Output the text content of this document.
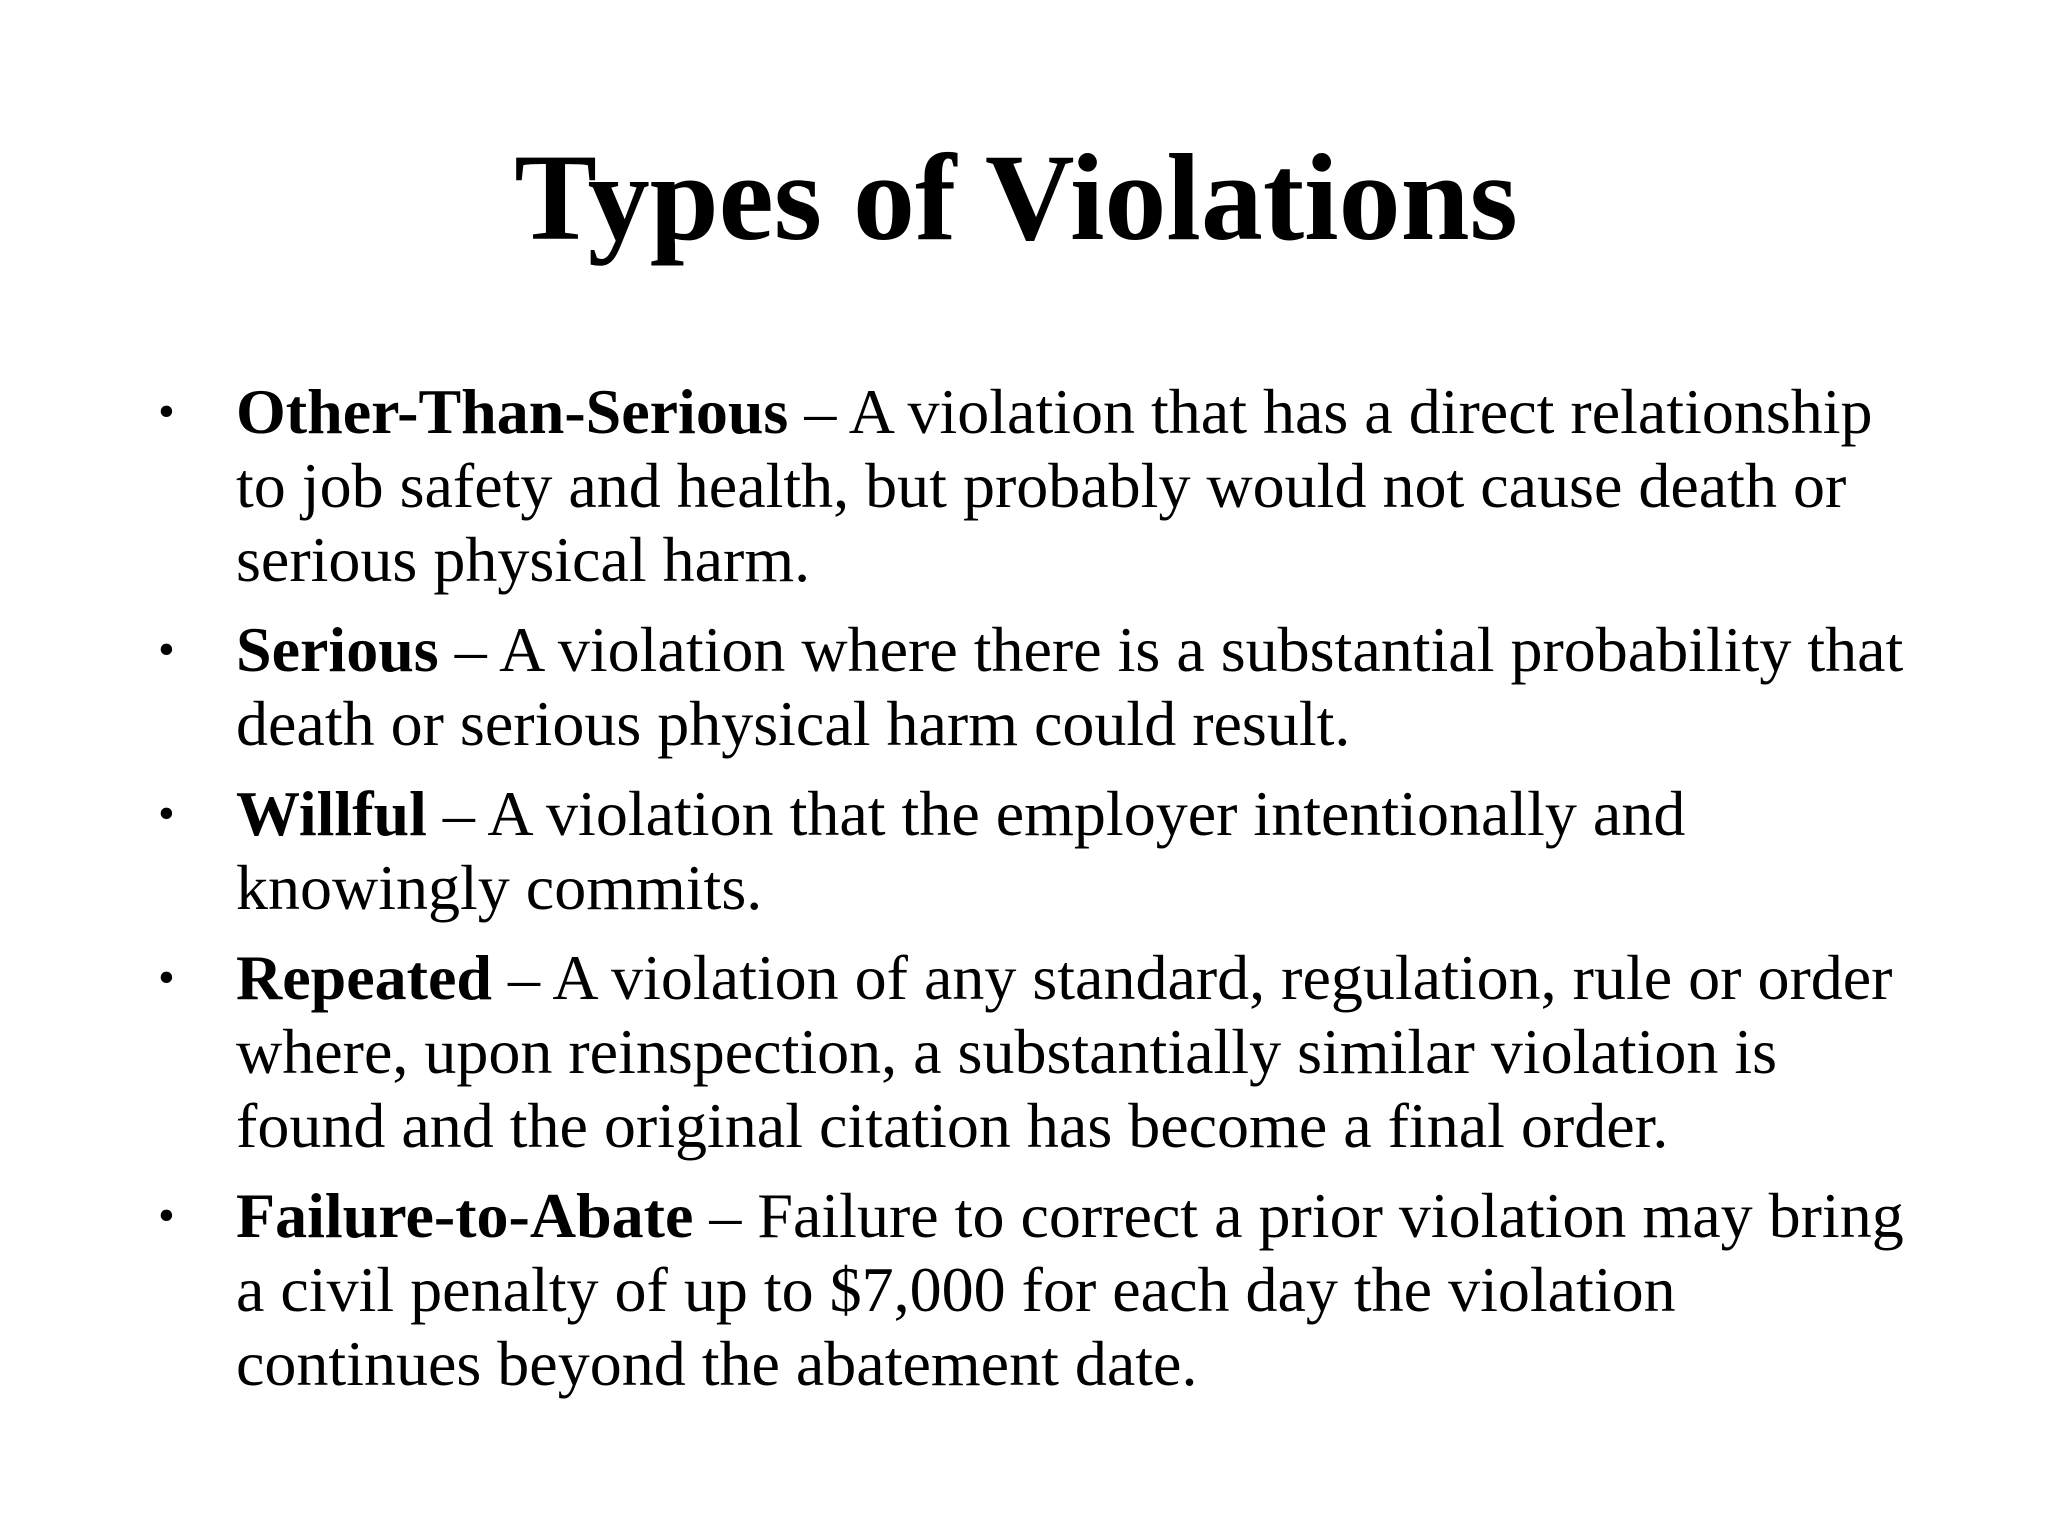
Types of Violations
• Other-Than-Serious – A violation that has a direct relationship
to job safety and health, but probably would not cause death or
serious physical harm.
• Serious – A violation where there is a substantial probability that
death or serious physical harm could result.
• Willful – A violation that the employer intentionally and
knowingly commits.
• Repeated – A violation of any standard, regulation, rule or order
where, upon reinspection, a substantially similar violation is
found and the original citation has become a final order.
• Failure-to-Abate – Failure to correct a prior violation may bring
a civil penalty of up to $7,000 for each day the violation
continues beyond the abatement date.
